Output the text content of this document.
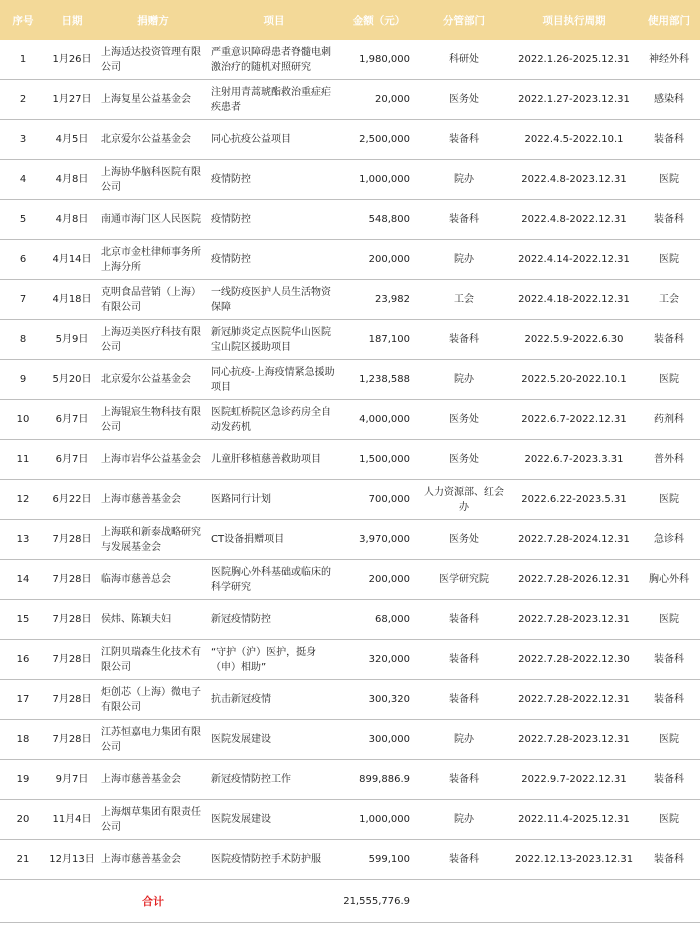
序号	日期	捐赠方	项目	金额（元）	分管部门	项目执行周期	使用部门
1	1月26日	上海适达投资管理有限公司	严重意识障碍患者脊髓电刺激治疗的随机对照研究	1,980,000	科研处	2022.1.26-2025.12.31	神经外科
2	1月27日	上海复星公益基金会	注射用青蒿琥酯救治重症疟疾患者	20,000	医务处	2022.1.27-2023.12.31	感染科
3	4月5日	北京爱尔公益基金会	同心抗疫公益项目	2,500,000	装备科	2022.4.5-2022.10.1	装备科
4	4月8日	上海协华脑科医院有限公司	疫情防控	1,000,000	院办	2022.4.8-2023.12.31	医院
5	4月8日	南通市海门区人民医院	疫情防控	548,800	装备科	2022.4.8-2022.12.31	装备科
6	4月14日	北京市金杜律师事务所上海分所	疫情防控	200,000	院办	2022.4.14-2022.12.31	医院
7	4月18日	克明食品营销（上海）有限公司	一线防疫医护人员生活物资保障	23,982	工会	2022.4.18-2022.12.31	工会
8	5月9日	上海迈美医疗科技有限公司	新冠肺炎定点医院华山医院宝山院区援助项目	187,100	装备科	2022.5.9-2022.6.30	装备科
9	5月20日	北京爱尔公益基金会	同心抗疫-上海疫情紧急援助项目	1,238,588	院办	2022.5.20-2022.10.1	医院
10	6月7日	上海锟宸生物科技有限公司	医院虹桥院区急诊药房全自动发药机	4,000,000	医务处	2022.6.7-2022.12.31	药剂科
11	6月7日	上海市岩华公益基金会	儿童肝移植慈善救助项目	1,500,000	医务处	2022.6.7-2023.3.31	普外科
12	6月22日	上海市慈善基金会	医路同行计划	700,000	人力资源部、红会办	2022.6.22-2023.5.31	医院
13	7月28日	上海联和新泰战略研究与发展基金会	CT设备捐赠项目	3,970,000	医务处	2022.7.28-2024.12.31	急诊科
14	7月28日	临海市慈善总会	医院胸心外科基础或临床的科学研究	200,000	医学研究院	2022.7.28-2026.12.31	胸心外科
15	7月28日	侯炜、陈颖夫妇	新冠疫情防控	68,000	装备科	2022.7.28-2023.12.31	医院
16	7月28日	江阴贝瑞森生化技术有限公司	“守护（沪）医护，挺身（申）相助”	320,000	装备科	2022.7.28-2022.12.30	装备科
17	7月28日	炬创芯（上海）微电子有限公司	抗击新冠疫情	300,320	装备科	2022.7.28-2022.12.31	装备科
18	7月28日	江苏恒嘉电力集团有限公司	医院发展建设	300,000	院办	2022.7.28-2023.12.31	医院
19	9月7日	上海市慈善基金会	新冠疫情防控工作	899,886.9	装备科	2022.9.7-2022.12.31	装备科
20	11月4日	上海烟草集团有限责任公司	医院发展建设	1,000,000	院办	2022.11.4-2025.12.31	医院
21	12月13日	上海市慈善基金会	医院疫情防控手术防护服	599,100	装备科	2022.12.13-2023.12.31	装备科
		合计		21,555,776.9			
